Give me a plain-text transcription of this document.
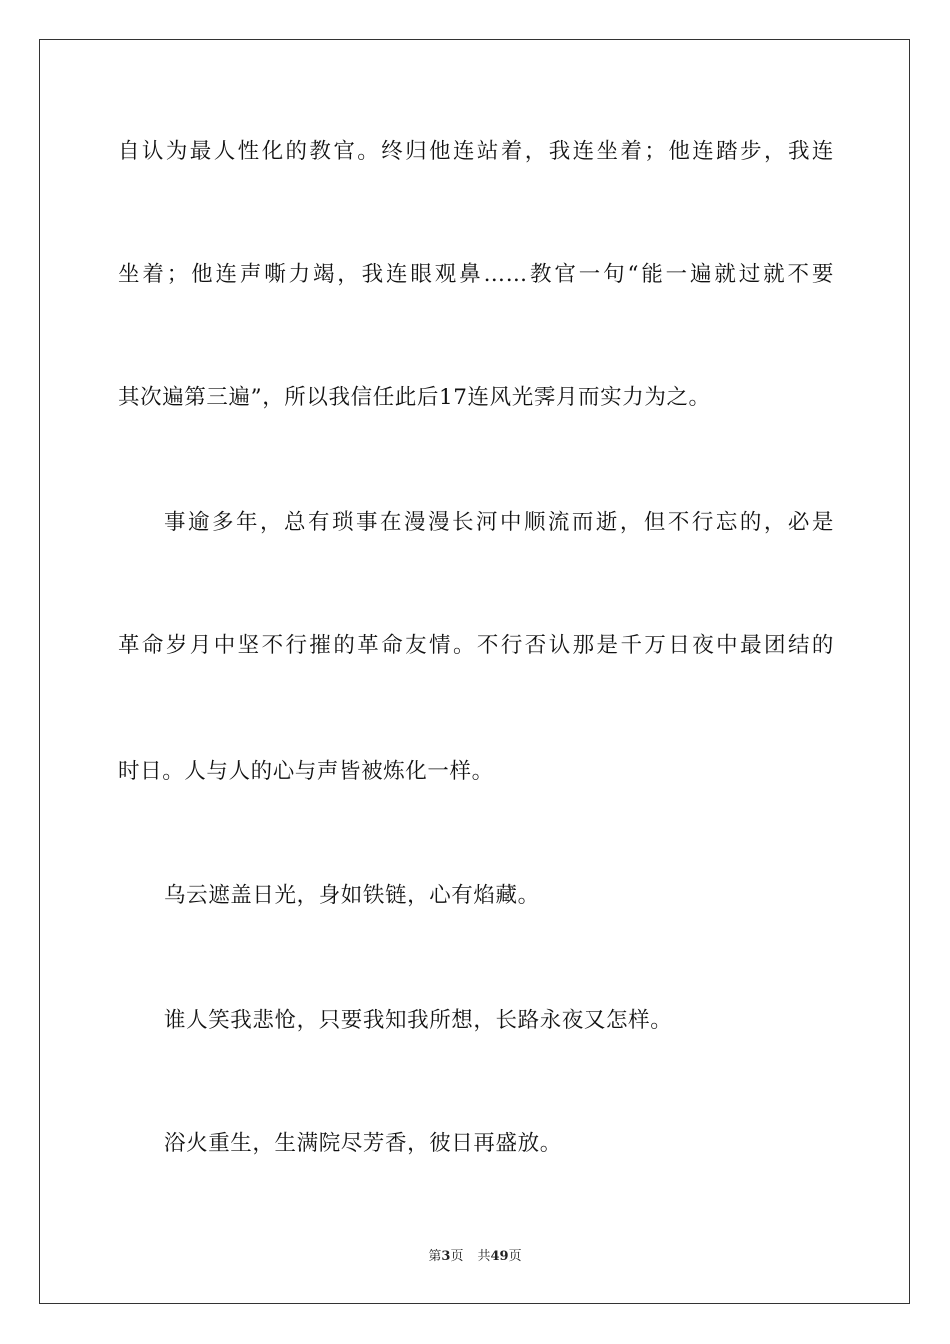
自认为最人性化的教官。终归他连站着，我连坐着；他连踏步，我连
坐着；他连声嘶力竭，我连眼观鼻……教官一句“能一遍就过就不要
其次遍第三遍”，所以我信任此后17连风光霁月而实力为之。
事逾多年，总有琐事在漫漫长河中顺流而逝，但不行忘的，必是
革命岁月中坚不行摧的革命友情。不行否认那是千万日夜中最团结的
时日。人与人的心与声皆被炼化一样。
乌云遮盖日光，身如铁链，心有焰藏。
谁人笑我悲怆，只要我知我所想，长路永夜又怎样。
浴火重生，生满院尽芳香，彼日再盛放。
第3页 共49页
